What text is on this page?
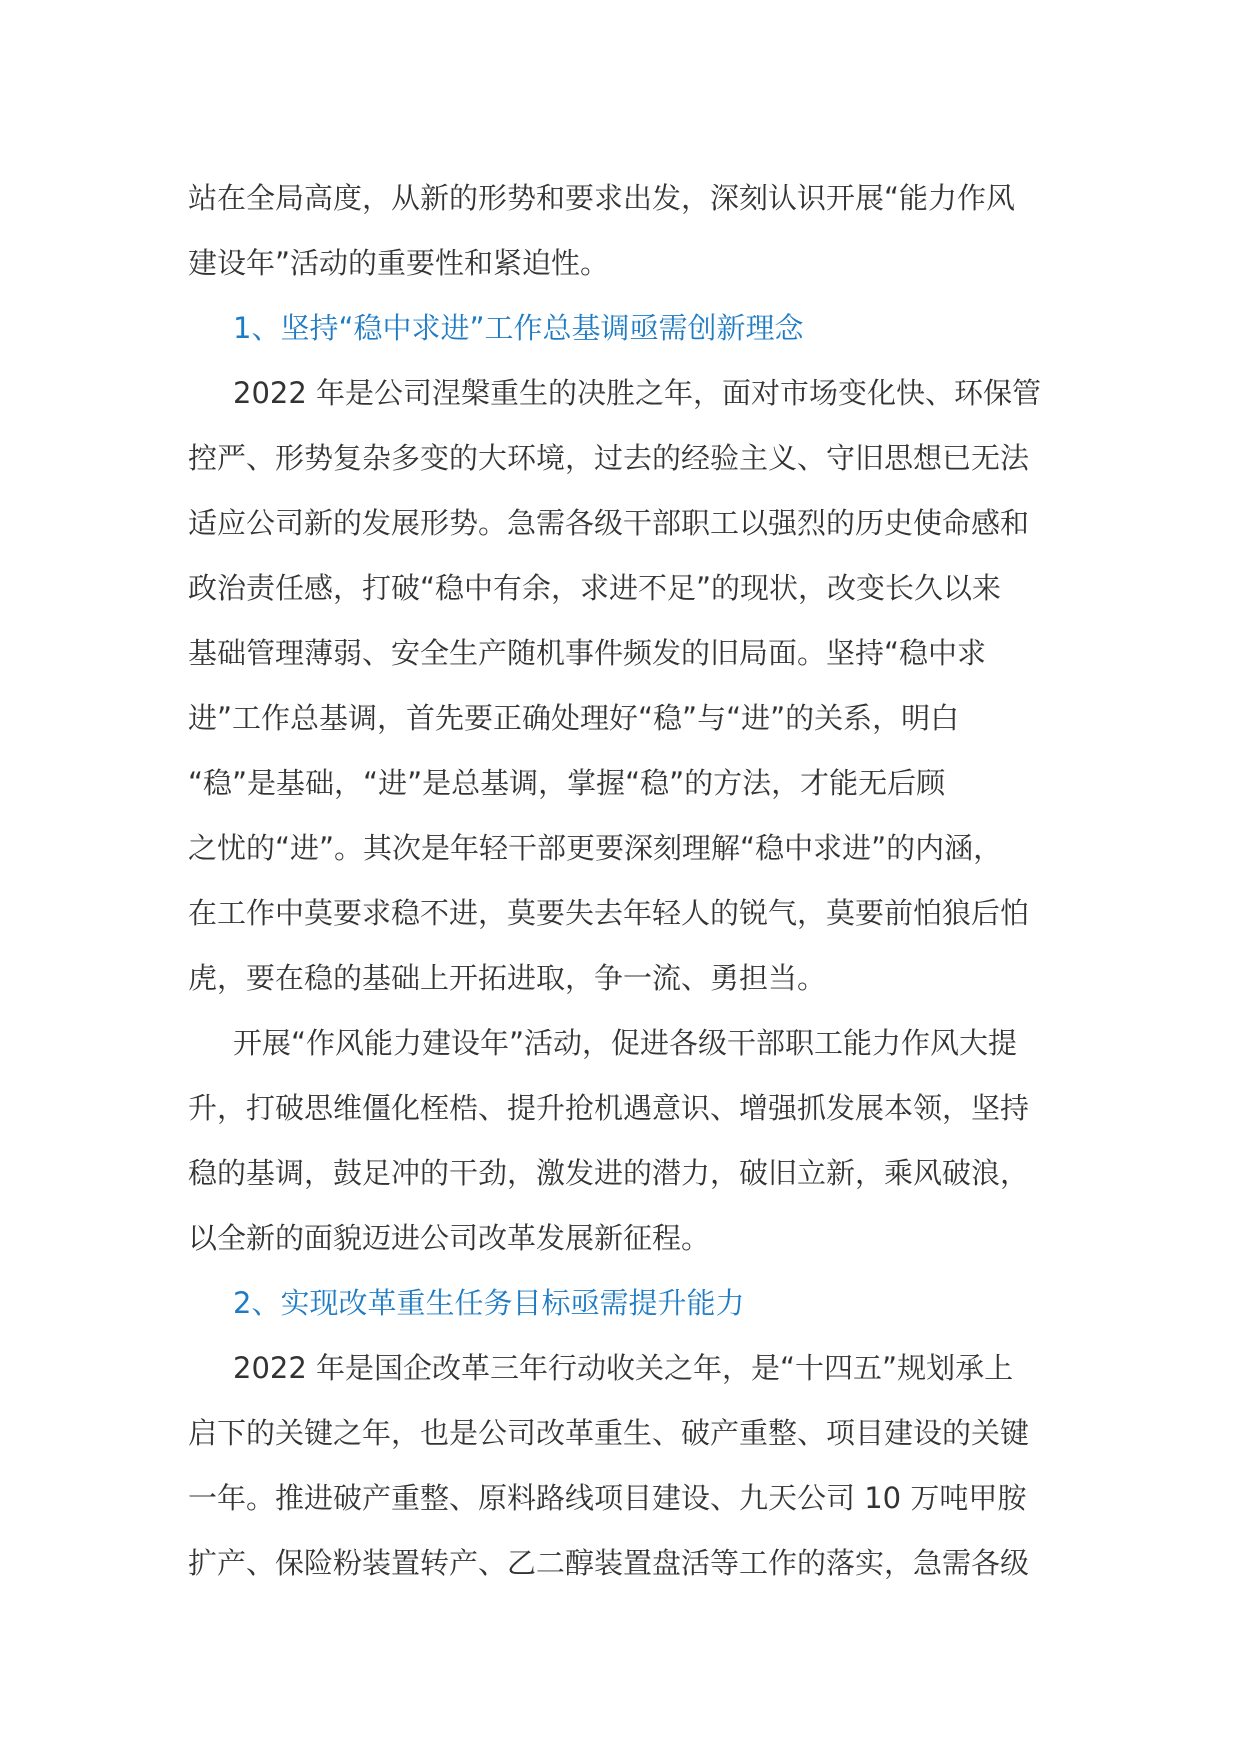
站在全局高度，从新的形势和要求出发，深刻认识开展“能力作风
建设年”活动的重要性和紧迫性。
1、坚持“稳中求进”工作总基调亟需创新理念
2022 年是公司涅槃重生的决胜之年，面对市场变化快、环保管
控严、形势复杂多变的大环境，过去的经验主义、守旧思想已无法
适应公司新的发展形势。急需各级干部职工以强烈的历史使命感和
政治责任感，打破“稳中有余，求进不足”的现状，改变长久以来
基础管理薄弱、安全生产随机事件频发的旧局面。坚持“稳中求
进”工作总基调，首先要正确处理好“稳”与“进”的关系，明白
“稳”是基础，“进”是总基调，掌握“稳”的方法，才能无后顾
之忧的“进”。其次是年轻干部更要深刻理解“稳中求进”的内涵，
在工作中莫要求稳不进，莫要失去年轻人的锐气，莫要前怕狼后怕
虎，要在稳的基础上开拓进取，争一流、勇担当。
开展“作风能力建设年”活动，促进各级干部职工能力作风大提
升，打破思维僵化桎梏、提升抢机遇意识、增强抓发展本领，坚持
稳的基调，鼓足冲的干劲，激发进的潜力，破旧立新，乘风破浪，
以全新的面貌迈进公司改革发展新征程。
2、实现改革重生任务目标亟需提升能力
2022 年是国企改革三年行动收关之年，是“十四五”规划承上
启下的关键之年，也是公司改革重生、破产重整、项目建设的关键
一年。推进破产重整、原料路线项目建设、九天公司 10 万吨甲胺
扩产、保险粉装置转产、乙二醇装置盘活等工作的落实，急需各级
